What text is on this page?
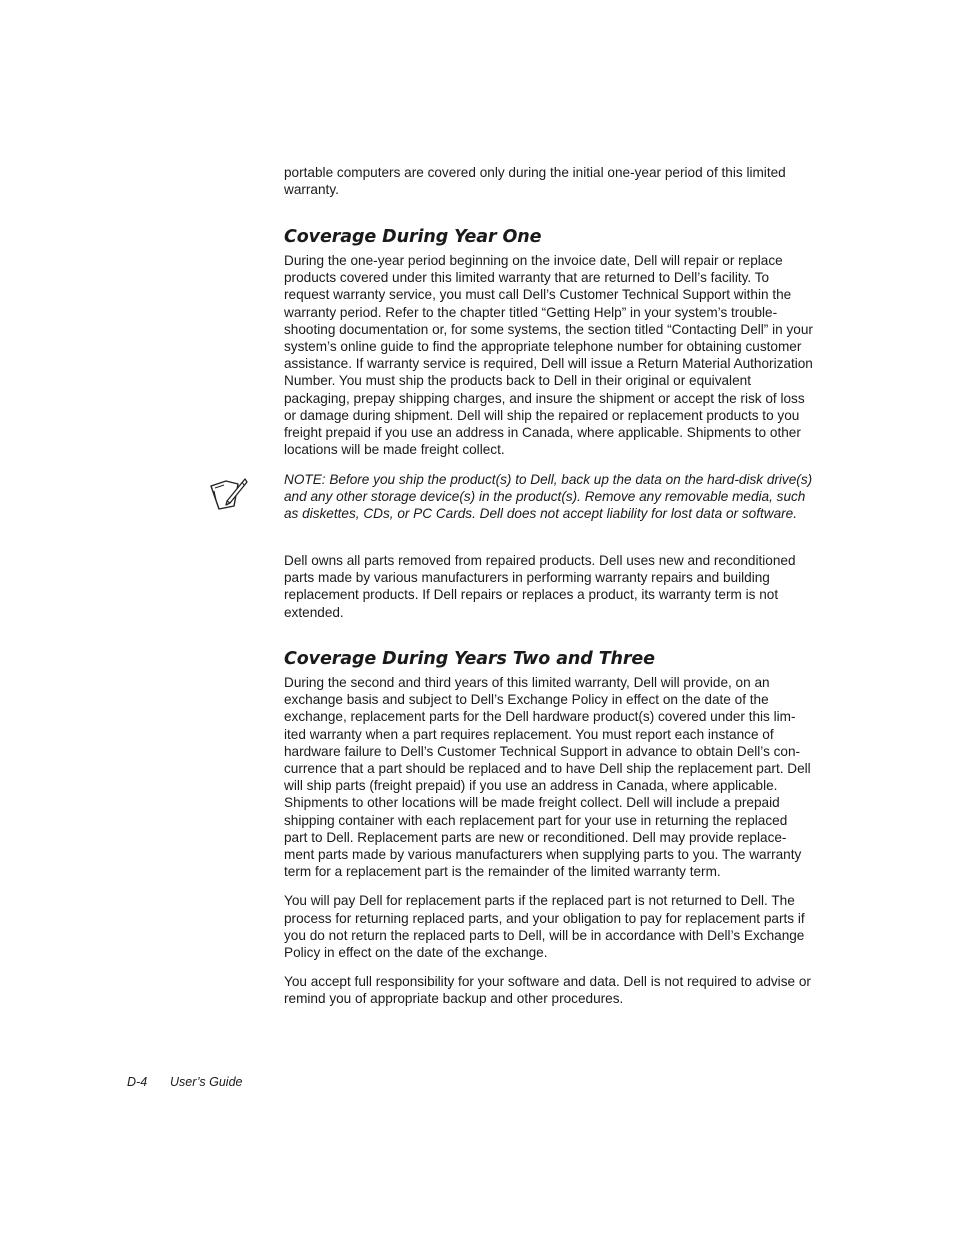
portable computers are covered only during the initial one-year period of this limited warranty.

Coverage During Year One

During the one-year period beginning on the invoice date, Dell will repair or replace products covered under this limited warranty that are returned to Dell’s facility. To request warranty service, you must call Dell’s Customer Technical Support within the warranty period. Refer to the chapter titled “Getting Help” in your system’s trouble-shooting documentation or, for some systems, the section titled “Contacting Dell” in your system’s online guide to find the appropriate telephone number for obtaining customer assistance. If warranty service is required, Dell will issue a Return Material Authorization Number. You must ship the products back to Dell in their original or equivalent packaging, prepay shipping charges, and insure the shipment or accept the risk of loss or damage during shipment. Dell will ship the repaired or replacement products to you freight prepaid if you use an address in Canada, where applicable. Shipments to other locations will be made freight collect.

NOTE: Before you ship the product(s) to Dell, back up the data on the hard-disk drive(s) and any other storage device(s) in the product(s). Remove any removable media, such as diskettes, CDs, or PC Cards. Dell does not accept liability for lost data or software.

Dell owns all parts removed from repaired products. Dell uses new and reconditioned parts made by various manufacturers in performing warranty repairs and building replacement products. If Dell repairs or replaces a product, its warranty term is not extended.

Coverage During Years Two and Three

During the second and third years of this limited warranty, Dell will provide, on an exchange basis and subject to Dell’s Exchange Policy in effect on the date of the exchange, replacement parts for the Dell hardware product(s) covered under this lim-ited warranty when a part requires replacement. You must report each instance of hardware failure to Dell’s Customer Technical Support in advance to obtain Dell’s con-currence that a part should be replaced and to have Dell ship the replacement part. Dell will ship parts (freight prepaid) if you use an address in Canada, where applicable. Shipments to other locations will be made freight collect. Dell will include a prepaid shipping container with each replacement part for your use in returning the replaced part to Dell. Replacement parts are new or reconditioned. Dell may provide replace-ment parts made by various manufacturers when supplying parts to you. The warranty term for a replacement part is the remainder of the limited warranty term.

You will pay Dell for replacement parts if the replaced part is not returned to Dell. The process for returning replaced parts, and your obligation to pay for replacement parts if you do not return the replaced parts to Dell, will be in accordance with Dell’s Exchange Policy in effect on the date of the exchange.

You accept full responsibility for your software and data. Dell is not required to advise or remind you of appropriate backup and other procedures.

D-4 User’s Guide
